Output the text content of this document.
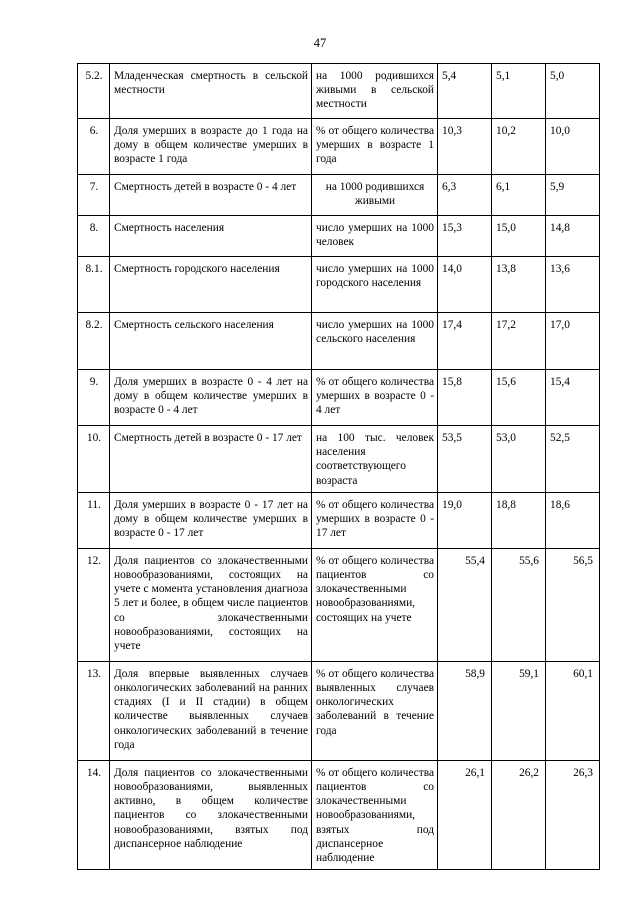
47
5.2.	Младенческая смертность в сельской местности	на 1000 родившихся живыми в сельской местности	5,4	5,1	5,0
6.	Доля умерших в возрасте до 1 года на дому в общем количестве умерших в возрасте 1 года	% от общего количества умерших в возрасте 1 года	10,3	10,2	10,0
7.	Смертность детей в возрасте 0 - 4 лет	на 1000 родившихся живыми	6,3	6,1	5,9
8.	Смертность населения	число умерших на 1000 человек	15,3	15,0	14,8
8.1.	Смертность городского населения	число умерших на 1000 городского населения	14,0	13,8	13,6
8.2.	Смертность сельского населения	число умерших на 1000 сельского населения	17,4	17,2	17,0
9.	Доля умерших в возрасте 0 - 4 лет на дому в общем количестве умерших в возрасте 0 - 4 лет	% от общего количества умерших в возрасте 0 - 4 лет	15,8	15,6	15,4
10.	Смертность детей в возрасте 0 - 17 лет	на 100 тыс. человек населения соответствующего возраста	53,5	53,0	52,5
11.	Доля умерших в возрасте 0 - 17 лет на дому в общем количестве умерших в возрасте 0 - 17 лет	% от общего количества умерших в возрасте 0 - 17 лет	19,0	18,8	18,6
12.	Доля пациентов со злокачественными новообразованиями, состоящих на учете с момента установления диагноза 5 лет и более, в общем числе пациентов со злокачественными новообразованиями, состоящих на учете	% от общего количества пациентов со злокачественными новообразованиями, состоящих на учете	55,4	55,6	56,5
13.	Доля впервые выявленных случаев онкологических заболеваний на ранних стадиях (I и II стадии) в общем количестве выявленных случаев онкологических заболеваний в течение года	% от общего количества выявленных случаев онкологических заболеваний в течение года	58,9	59,1	60,1
14.	Доля пациентов со злокачественными новообразованиями, выявленных активно, в общем количестве пациентов со злокачественными новообразованиями, взятых под диспансерное наблюдение	% от общего количества пациентов со злокачественными новообразованиями, взятых под диспансерное наблюдение	26,1	26,2	26,3
